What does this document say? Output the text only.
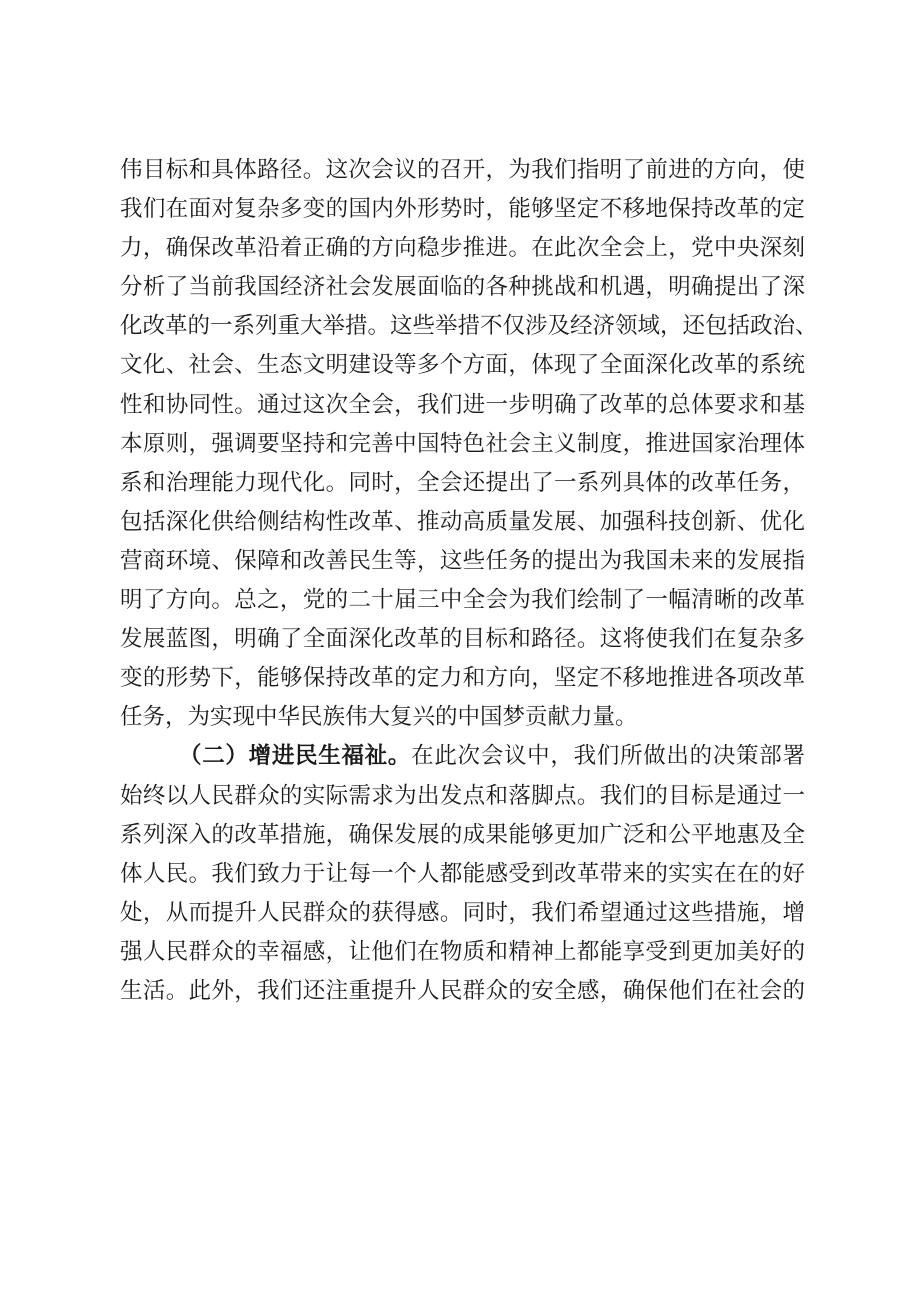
伟目标和具体路径。这次会议的召开，为我们指明了前进的方向，使
我们在面对复杂多变的国内外形势时，能够坚定不移地保持改革的定
力，确保改革沿着正确的方向稳步推进。在此次全会上，党中央深刻
分析了当前我国经济社会发展面临的各种挑战和机遇，明确提出了深
化改革的一系列重大举措。这些举措不仅涉及经济领域，还包括政治、
文化、社会、生态文明建设等多个方面，体现了全面深化改革的系统
性和协同性。通过这次全会，我们进一步明确了改革的总体要求和基
本原则，强调要坚持和完善中国特色社会主义制度，推进国家治理体
系和治理能力现代化。同时，全会还提出了一系列具体的改革任务，
包括深化供给侧结构性改革、推动高质量发展、加强科技创新、优化
营商环境、保障和改善民生等，这些任务的提出为我国未来的发展指
明了方向。总之，党的二十届三中全会为我们绘制了一幅清晰的改革
发展蓝图，明确了全面深化改革的目标和路径。这将使我们在复杂多
变的形势下，能够保持改革的定力和方向，坚定不移地推进各项改革
任务，为实现中华民族伟大复兴的中国梦贡献力量。
（二）增进民生福祉。在此次会议中，我们所做出的决策部署
始终以人民群众的实际需求为出发点和落脚点。我们的目标是通过一
系列深入的改革措施，确保发展的成果能够更加广泛和公平地惠及全
体人民。我们致力于让每一个人都能感受到改革带来的实实在在的好
处，从而提升人民群众的获得感。同时，我们希望通过这些措施，增
强人民群众的幸福感，让他们在物质和精神上都能享受到更加美好的
生活。此外，我们还注重提升人民群众的安全感，确保他们在社会的
